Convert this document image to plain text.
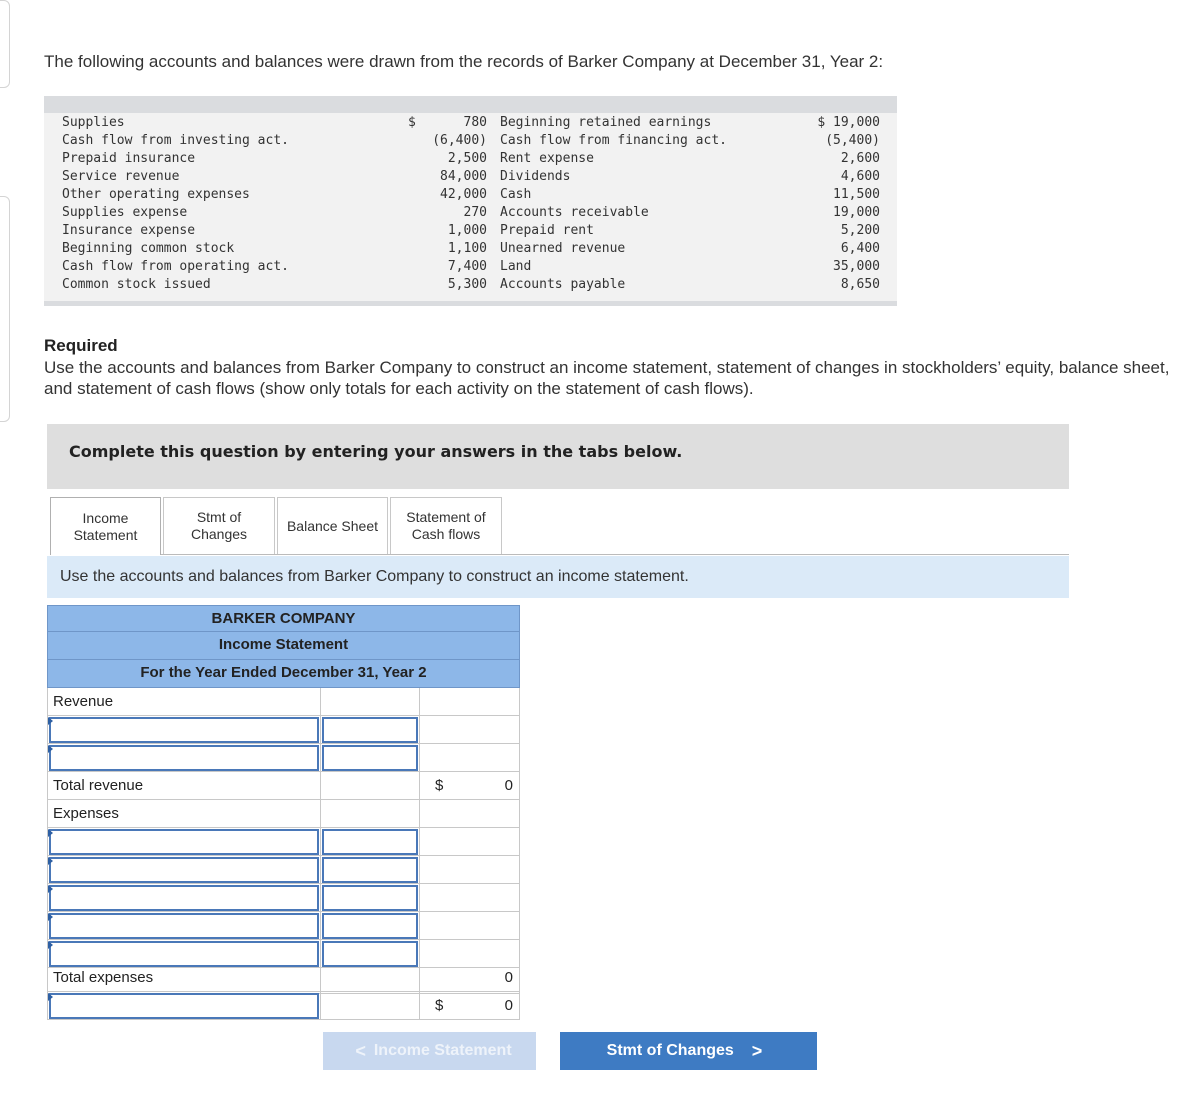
The following accounts and balances were drawn from the records of Barker Company at December 31, Year 2:
Supplies	$	780 Beginning retained earnings	$ 19,000
Cash flow from investing act.	(6,400) Cash flow from financing act.	(5,400)
Prepaid insurance	2,500 Rent expense	2,600
Service revenue	84,000 Dividends	4,600
Other operating expenses	42,000 Cash	11,500
Supplies expense	270 Accounts receivable	19,000
Insurance expense	1,000 Prepaid rent	5,200
Beginning common stock	1,100 Unearned revenue	6,400
Cash flow from operating act.	7,400 Land	35,000
Common stock issued	5,300 Accounts payable	8,650
Required
Use the accounts and balances from Barker Company to construct an income statement, statement of changes in stockholders’ equity, balance sheet, and statement of cash flows (show only totals for each activity on the statement of cash flows).
Complete this question by entering your answers in the tabs below.
Income
Statement
Stmt of
Changes
Balance Sheet
Statement of
Cash flows
Use the accounts and balances from Barker Company to construct an income statement.
BARKER COMPANY
Income Statement
For the Year Ended December 31, Year 2
Revenue
Total revenue	$	0
Expenses
Total expenses	0
$	0
< Income Statement	Stmt of Changes >
